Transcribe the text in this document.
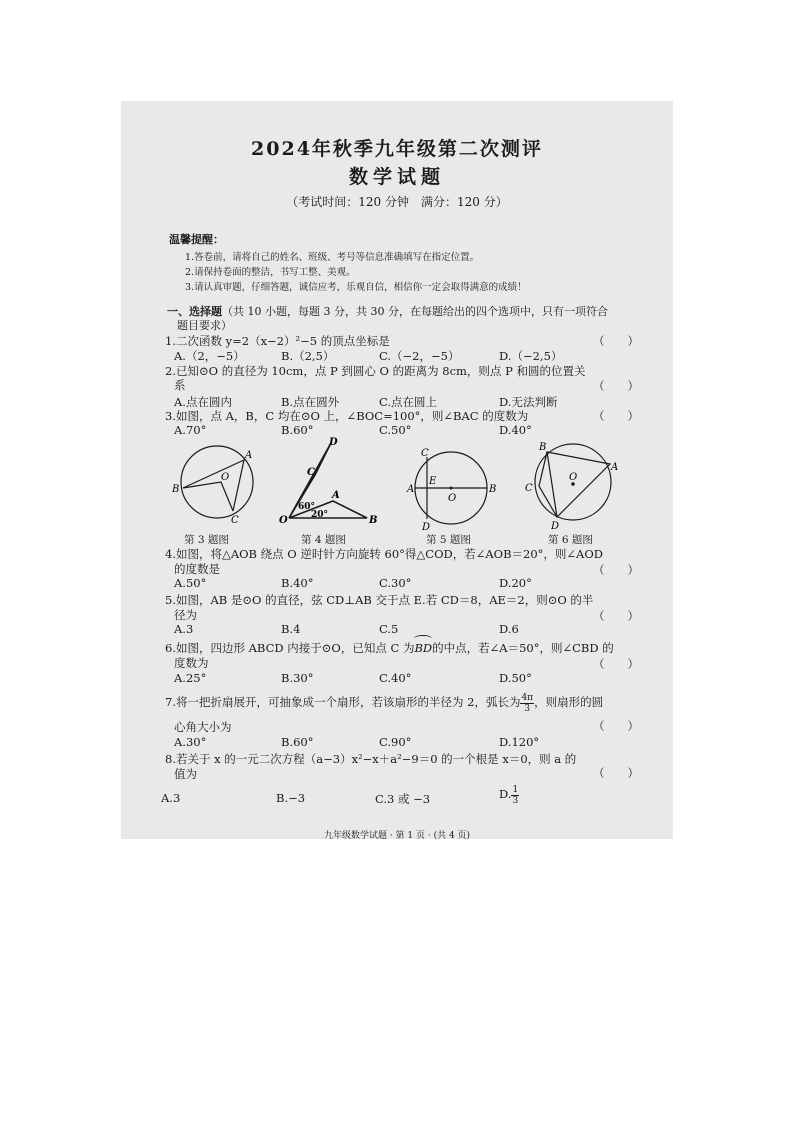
2024年秋季九年级第二次测评
数学试题
（考试时间：120 分钟　满分：120 分）
温馨提醒：
1.答卷前，请将自己的姓名、班级、考号等信息准确填写在指定位置。
2.请保持卷面的整洁，书写工整、美观。
3.请认真审题，仔细答题，诚信应考，乐观自信，相信你一定会取得满意的成绩！
一、选择题（共 10 小题，每题 3 分，共 30 分，在每题给出的四个选项中，只有一项符合
题目要求）
1.二次函数 y=2（x−2）²−5 的顶点坐标是	（　　）
A.（2，−5）	B.（2,5）	C.（−2，−5）	D.（−2,5）
2.已知⊙O 的直径为 10cm，点 P 到圆心 O 的距离为 8cm，则点 P 和圆的位置关
系	（　　）
A.点在圆内	B.点在圆外	C.点在圆上	D.无法判断
3.如图，点 A，B，C 均在⊙O 上，∠BOC=100°，则∠BAC 的度数为	（　　）
A.70°	B.60°	C.50°	D.40°
A
B
C
O
第 3 题图
D
C
A
O	B
60°
20°
第 4 题图
C
A
E
O
B
D
第 5 题图
B
A
C
O
D
第 6 题图
4.如图，将△AOB 绕点 O 逆时针方向旋转 60°得△COD，若∠AOB＝20°，则∠AOD
的度数是	（　　）
A.50°	B.40°	C.30°	D.20°
5.如图，AB 是⊙O 的直径，弦 CD⊥AB 交于点 E.若 CD＝8，AE＝2，则⊙O 的半
径为	（　　）
A.3	B.4	C.5	D.6
6.如图，四边形 ABCD 内接于⊙O，已知点 C 为
BD的中点，若∠A＝50°，则∠CBD 的
度数为	（　　）
A.25°	B.30°	C.40°	D.50°
7.将一把折扇展开，可抽象成一个扇形，若该扇形的半径为 2，弧长为 $\frac{4\pi}{3}$ ，则扇形的圆
心角大小为	（　　）
A.30°	B.60°	C.90°	D.120°
8.若关于 x 的一元二次方程（a−3）x²−x＋a²−9＝0 的一个根是 x＝0，则 a 的
值为	（　　）
A.3	B.−3	C.3 或 −3	D. $\frac{1}{3}$
九年级数学试题 · 第 1 页 · (共 4 页)
